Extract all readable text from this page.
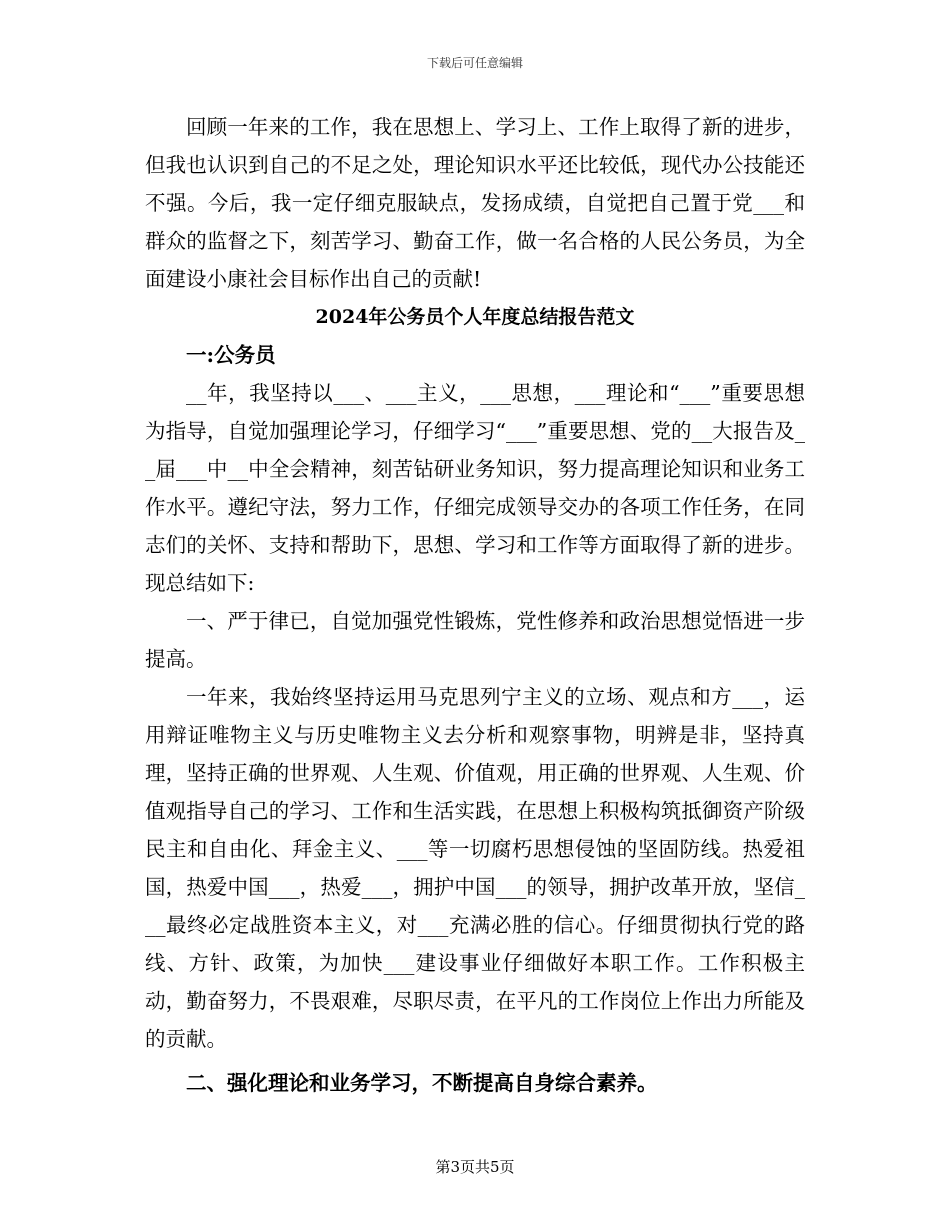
下载后可任意编辑

回顾一年来的工作，我在思想上、学习上、工作上取得了新的进步，但我也认识到自己的不足之处，理论知识水平还比较低，现代办公技能还不强。今后，我一定仔细克服缺点，发扬成绩，自觉把自己置于党___和群众的监督之下，刻苦学习、勤奋工作，做一名合格的人民公务员，为全面建设小康社会目标作出自己的贡献!

2024年公务员个人年度总结报告范文

一:公务员

__年，我坚持以___、___主义，___思想，___理论和“___”重要思想为指导，自觉加强理论学习，仔细学习“___”重要思想、党的__大报告及__届___中__中全会精神，刻苦钻研业务知识，努力提高理论知识和业务工作水平。遵纪守法，努力工作，仔细完成领导交办的各项工作任务，在同志们的关怀、支持和帮助下，思想、学习和工作等方面取得了新的进步。现总结如下:

一、严于律已，自觉加强党性锻炼，党性修养和政治思想觉悟进一步提高。

一年来，我始终坚持运用马克思列宁主义的立场、观点和方___，运用辩证唯物主义与历史唯物主义去分析和观察事物，明辨是非，坚持真理，坚持正确的世界观、人生观、价值观，用正确的世界观、人生观、价值观指导自己的学习、工作和生活实践，在思想上积极构筑抵御资产阶级民主和自由化、拜金主义、___等一切腐朽思想侵蚀的坚固防线。热爱祖国，热爱中国___，热爱___，拥护中国___的领导，拥护改革开放，坚信___最终必定战胜资本主义，对___充满必胜的信心。仔细贯彻执行党的路线、方针、政策，为加快___建设事业仔细做好本职工作。工作积极主动，勤奋努力，不畏艰难，尽职尽责，在平凡的工作岗位上作出力所能及的贡献。

二、强化理论和业务学习，不断提高自身综合素养。

第3页共5页
